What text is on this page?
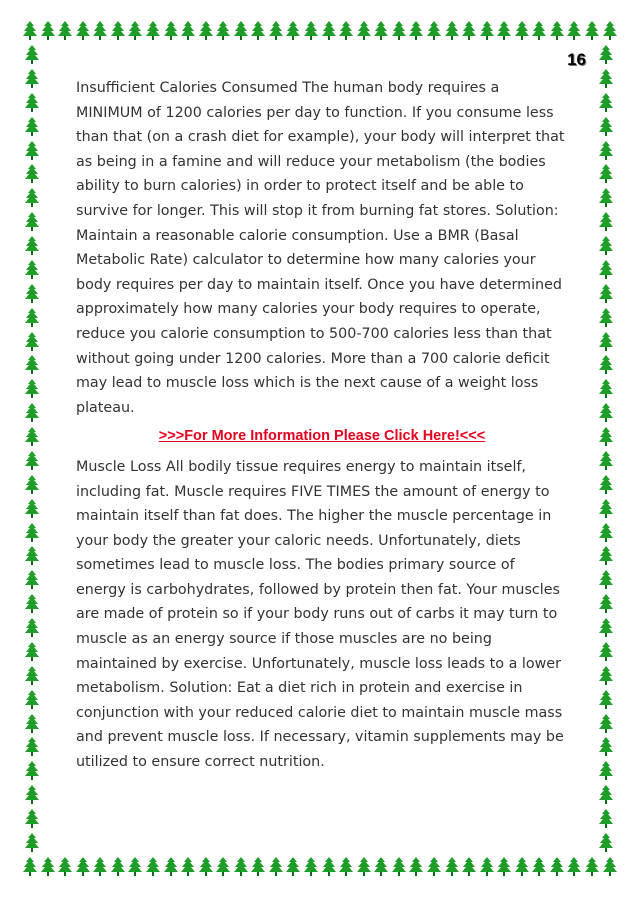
16

Insufficient Calories Consumed The human body requires a MINIMUM of 1200 calories per day to function. If you consume less than that (on a crash diet for example), your body will interpret that as being in a famine and will reduce your metabolism (the bodies ability to burn calories) in order to protect itself and be able to survive for longer. This will stop it from burning fat stores. Solution: Maintain a reasonable calorie consumption. Use a BMR (Basal Metabolic Rate) calculator to determine how many calories your body requires per day to maintain itself. Once you have determined approximately how many calories your body requires to operate, reduce you calorie consumption to 500-700 calories less than that without going under 1200 calories. More than a 700 calorie deficit may lead to muscle loss which is the next cause of a weight loss plateau.

>>>For More Information Please Click Here!<<<

Muscle Loss All bodily tissue requires energy to maintain itself, including fat. Muscle requires FIVE TIMES the amount of energy to maintain itself than fat does. The higher the muscle percentage in your body the greater your caloric needs. Unfortunately, diets sometimes lead to muscle loss. The bodies primary source of energy is carbohydrates, followed by protein then fat. Your muscles are made of protein so if your body runs out of carbs it may turn to muscle as an energy source if those muscles are no being maintained by exercise. Unfortunately, muscle loss leads to a lower metabolism. Solution: Eat a diet rich in protein and exercise in conjunction with your reduced calorie diet to maintain muscle mass and prevent muscle loss. If necessary, vitamin supplements may be utilized to ensure correct nutrition.
